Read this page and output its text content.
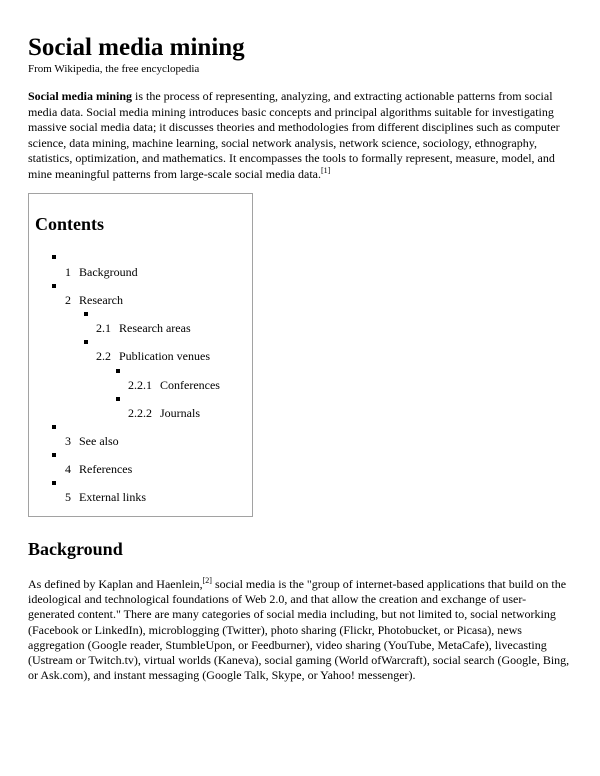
Social media mining
From Wikipedia, the free encyclopedia

Social media mining is the process of representing, analyzing, and extracting actionable patterns from social media data. Social media mining introduces basic concepts and principal algorithms suitable for investigating massive social media data; it discusses theories and methodologies from different disciplines such as computer science, data mining, machine learning, social network analysis, network science, sociology, ethnography, statistics, optimization, and mathematics. It encompasses the tools to formally represent, measure, model, and mine meaningful patterns from large-scale social media data.[1]

Contents
1 Background
2 Research
2.1 Research areas
2.2 Publication venues
2.2.1 Conferences
2.2.2 Journals
3 See also
4 References
5 External links
Background

As defined by Kaplan and Haenlein,[2] social media is the "group of internet-based applications that build on the ideological and technological foundations of Web 2.0, and that allow the creation and exchange of user-generated content." There are many categories of social media including, but not limited to, social networking (Facebook or LinkedIn), microblogging (Twitter), photo sharing (Flickr, Photobucket, or Picasa), news aggregation (Google reader, StumbleUpon, or Feedburner), video sharing (YouTube, MetaCafe), livecasting (Ustream or Twitch.tv), virtual worlds (Kaneva), social gaming (World ofWarcraft), social search (Google, Bing, or Ask.com), and instant messaging (Google Talk, Skype, or Yahoo! messenger).
